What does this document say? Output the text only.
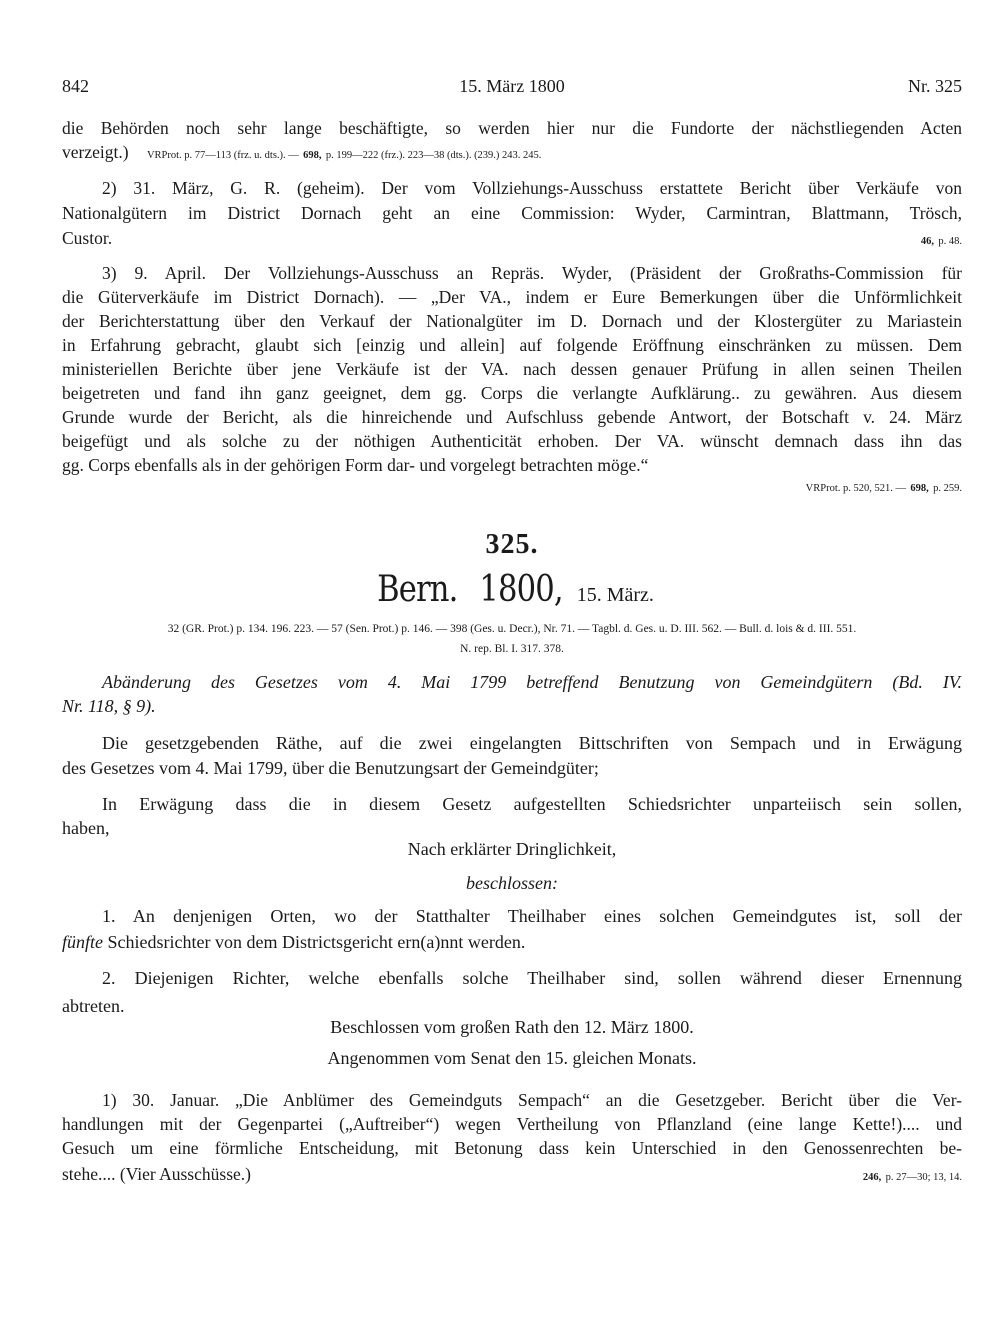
842	15. März 1800	Nr. 325
die Behörden noch sehr lange beschäftigte, so werden hier nur die Fundorte der nächstliegenden Acten
verzeigt.) VRProt. p. 77—113 (frz. u. dts.). — 698, p. 199—222 (frz.). 223—38 (dts.). (239.) 243. 245.
2) 31. März, G. R. (geheim). Der vom Vollziehungs-Ausschuss erstattete Bericht über Verkäufe von
Nationalgütern im District Dornach geht an eine Commission: Wyder, Carmintran, Blattmann, Trösch,
Custor.	46, p. 48.
3) 9. April. Der Vollziehungs-Ausschuss an Repräs. Wyder, (Präsident der Großraths-Commission für
die Güterverkäufe im District Dornach). — „Der VA., indem er Eure Bemerkungen über die Unförmlichkeit
der Berichterstattung über den Verkauf der Nationalgüter im D. Dornach und der Klostergüter zu Mariastein
in Erfahrung gebracht, glaubt sich [einzig und allein] auf folgende Eröffnung einschränken zu müssen. Dem
ministeriellen Berichte über jene Verkäufe ist der VA. nach dessen genauer Prüfung in allen seinen Theilen
beigetreten und fand ihn ganz geeignet, dem gg. Corps die verlangte Aufklärung.. zu gewähren. Aus diesem
Grunde wurde der Bericht, als die hinreichende und Aufschluss gebende Antwort, der Botschaft v. 24. März
beigefügt und als solche zu der nöthigen Authenticität erhoben. Der VA. wünscht demnach dass ihn das
gg. Corps ebenfalls als in der gehörigen Form dar- und vorgelegt betrachten möge.“
VRProt. p. 520, 521. — 698, p. 259.
325.
Bern. 1800, 15. März.
32 (GR. Prot.) p. 134. 196. 223. — 57 (Sen. Prot.) p. 146. — 398 (Ges. u. Decr.), Nr. 71. — Tagbl. d. Ges. u. D. III. 562. — Bull. d. lois & d. III. 551.
N. rep. Bl. I. 317. 378.
Abänderung des Gesetzes vom 4. Mai 1799 betreffend Benutzung von Gemeindgütern (Bd. IV.
Nr. 118, § 9).
Die gesetzgebenden Räthe, auf die zwei eingelangten Bittschriften von Sempach und in Erwägung
des Gesetzes vom 4. Mai 1799, über die Benutzungsart der Gemeindgüter;
In Erwägung dass die in diesem Gesetz aufgestellten Schiedsrichter unparteiisch sein sollen,
haben,
Nach erklärter Dringlichkeit,
beschlossen:
1. An denjenigen Orten, wo der Statthalter Theilhaber eines solchen Gemeindgutes ist, soll der
fünfte Schiedsrichter von dem Districtsgericht ern(a)nnt werden.
2. Diejenigen Richter, welche ebenfalls solche Theilhaber sind, sollen während dieser Ernennung
abtreten.
Beschlossen vom großen Rath den 12. März 1800.
Angenommen vom Senat den 15. gleichen Monats.
1) 30. Januar. „Die Anblümer des Gemeindguts Sempach“ an die Gesetzgeber. Bericht über die Ver-
handlungen mit der Gegenpartei („Auftreiber“) wegen Vertheilung von Pflanzland (eine lange Kette!).... und
Gesuch um eine förmliche Entscheidung, mit Betonung dass kein Unterschied in den Genossenrechten be-
stehe.... (Vier Ausschüsse.)	246, p. 27—30; 13, 14.
